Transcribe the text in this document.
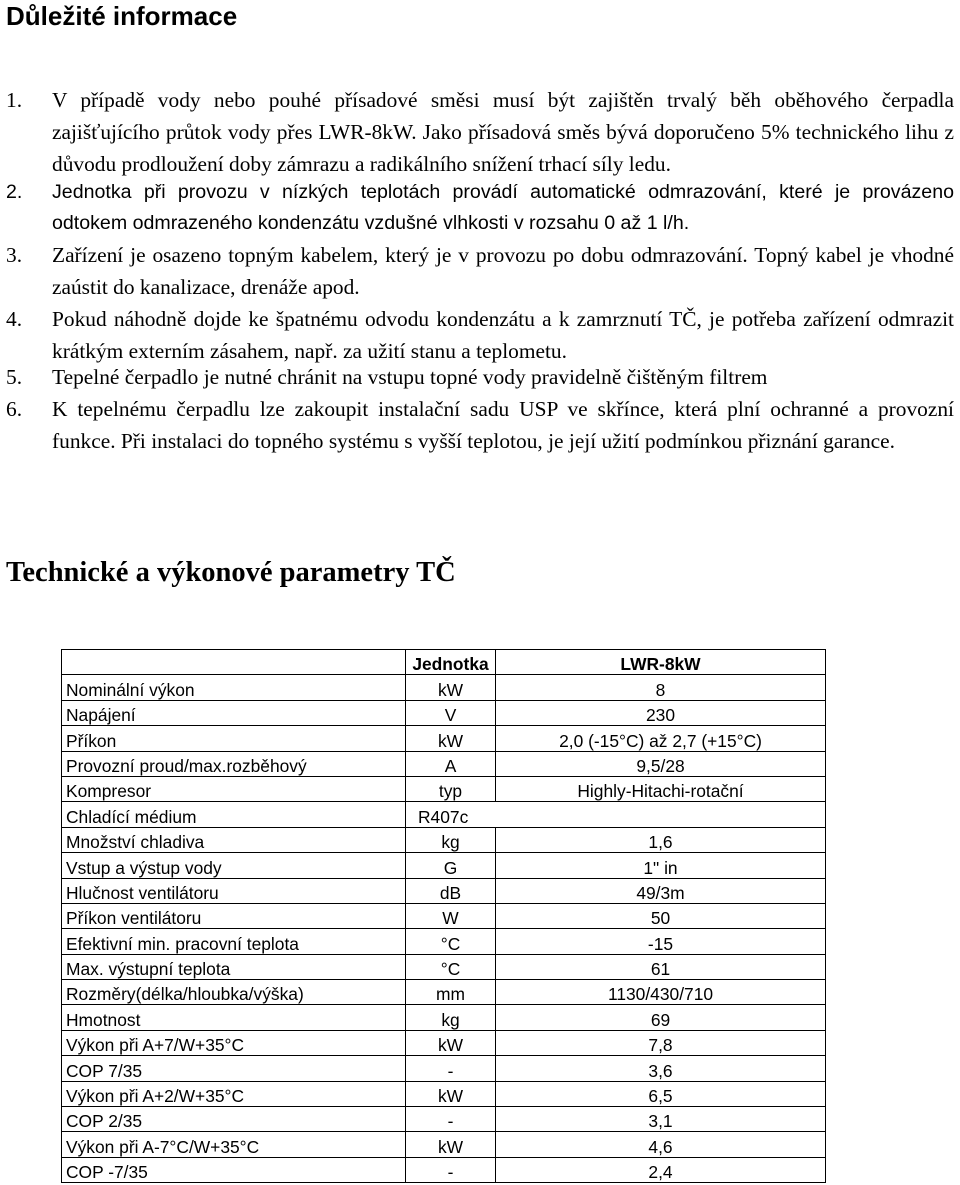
Důležité informace
1. V případě vody nebo pouhé přísadové směsi musí být zajištěn trvalý běh oběhového čerpadla zajišťujícího průtok vody přes LWR-8kW. Jako přísadová směs bývá doporučeno 5% technického lihu z důvodu prodloužení doby zámrazu a radikálního snížení trhací síly ledu.
2. Jednotka při provozu v nízkých teplotách provádí automatické odmrazování, které je provázeno odtokem odmrazeného kondenzátu vzdušné vlhkosti v rozsahu 0 až 1 l/h.
3. Zařízení je osazeno topným kabelem, který je v provozu po dobu odmrazování. Topný kabel je vhodné zaústit do kanalizace, drenáže apod.
4. Pokud náhodně dojde ke špatnému odvodu kondenzátu a k zamrznutí TČ, je potřeba zařízení odmrazit krátkým externím zásahem, např. za užití stanu a teplometu.
5. Tepelné čerpadlo je nutné chránit na vstupu topné vody pravidelně čištěným filtrem
6. K tepelnému čerpadlu lze zakoupit instalační sadu USP ve skřínce, která plní ochranné a provozní funkce. Při instalaci do topného systému s vyšší teplotou, je její užití podmínkou přiznání garance.
Technické a výkonové parametry TČ
	Jednotka	LWR-8kW
Nominální výkon	kW	8
Napájení	V	230
Příkon	kW	2,0 (-15°C) až 2,7 (+15°C)
Provozní proud/max.rozběhový	A	9,5/28
Kompresor	typ	Highly-Hitachi-rotační
Chladící médium	R407c	
Množství chladiva	kg	1,6
Vstup a výstup vody	G	1" in
Hlučnost ventilátoru	dB	49/3m
Příkon ventilátoru	W	50
Efektivní min. pracovní teplota	°C	-15
Max. výstupní teplota	°C	61
Rozměry(délka/hloubka/výška)	mm	1130/430/710
Hmotnost	kg	69
Výkon při A+7/W+35°C	kW	7,8
COP 7/35	-	3,6
Výkon při A+2/W+35°C	kW	6,5
COP 2/35	-	3,1
Výkon při A-7°C/W+35°C	kW	4,6
COP -7/35	-	2,4
